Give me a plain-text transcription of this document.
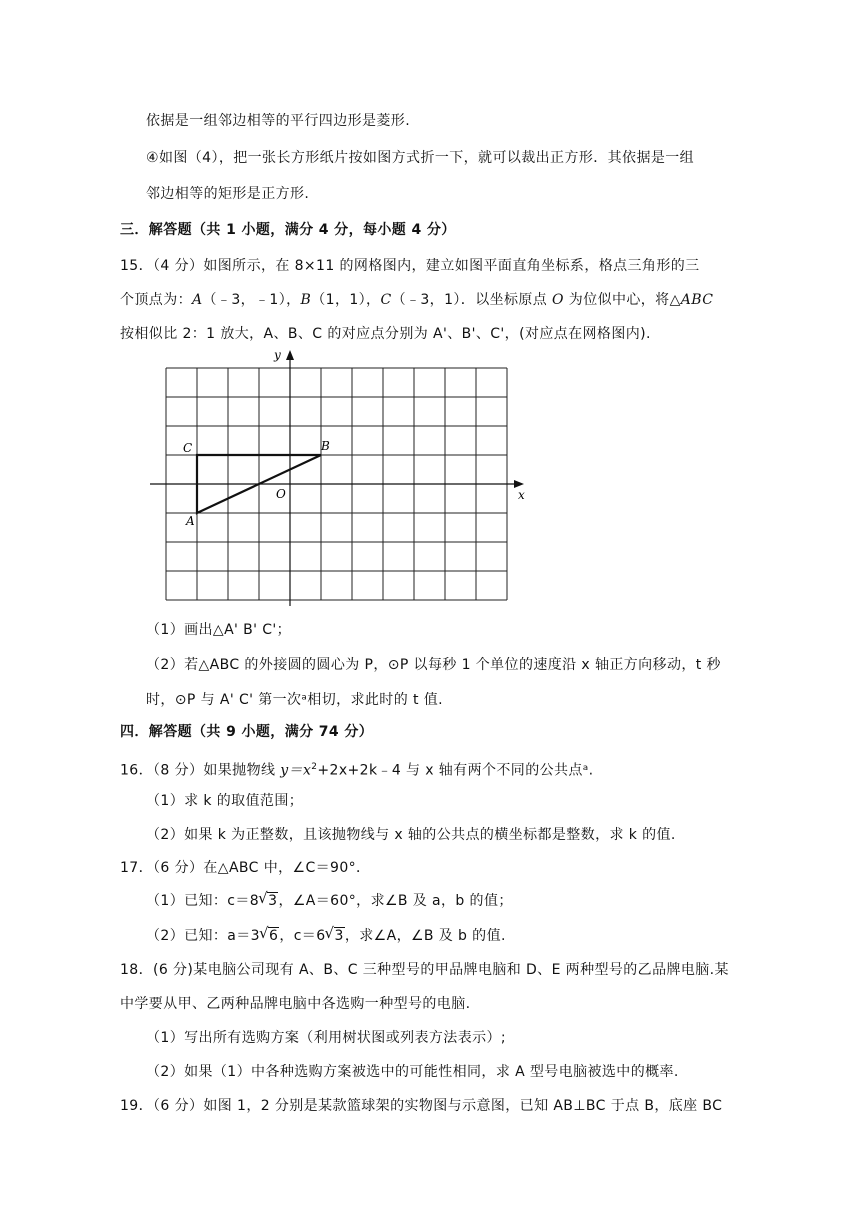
依据是一组邻边相等的平行四边形是菱形.
④如图（4），把一张长方形纸片按如图方式折一下，就可以裁出正方形．其依据是一组
邻边相等的矩形是正方形.
三．解答题（共 1 小题，满分 4 分，每小题 4 分）
15．（4 分）如图所示，在 8×11 的网格图内，建立如图平面直角坐标系，格点三角形的三
个顶点为：A（﹣3，﹣1），B（1，1），C（﹣3，1）．以坐标原点 O 为位似中心，将△ABC
按相似比 2：1 放大，A、B、C 的对应点分别为 A'、B'、C'，(对应点在网格图内).
x
y
O
A
B
C
（1）画出△A' B' C'；
（2）若△ABC 的外接圆的圆心为 P，⊙P 以每秒 1 个单位的速度沿 x 轴正方向移动，t 秒
时，⊙P 与 A' C' 第一次ᵃ相切，求此时的 t 值.
四．解答题（共 9 小题，满分 74 分）
16．（8 分）如果抛物线 $y=x^2+2x+2k﹣4$ 与 x 轴有两个不同的公共点ᵃ.
（1）求 k 的取值范围；
（2）如果 k 为正整数，且该抛物线与 x 轴的公共点的横坐标都是整数，求 k 的值.
17．（6 分）在△ABC 中，∠C＝90°．
（1）已知：c＝8 √ 3，∠A＝60°，求∠B 及 a，b 的值；
（2）已知：a＝3 √ 6，c＝6 √ 3，求∠A，∠B 及 b 的值.
18．(6 分)某电脑公司现有 A、B、C 三种型号的甲品牌电脑和 D、E 两种型号的乙品牌电脑.某
中学要从甲、乙两种品牌电脑中各选购一种型号的电脑.
（1）写出所有选购方案（利用树状图或列表方法表示）;
（2）如果（1）中各种选购方案被选中的可能性相同，求 A 型号电脑被选中的概率.
19．（6 分）如图 1，2 分别是某款篮球架的实物图与示意图，已知 AB⊥BC 于点 B，底座 BC
